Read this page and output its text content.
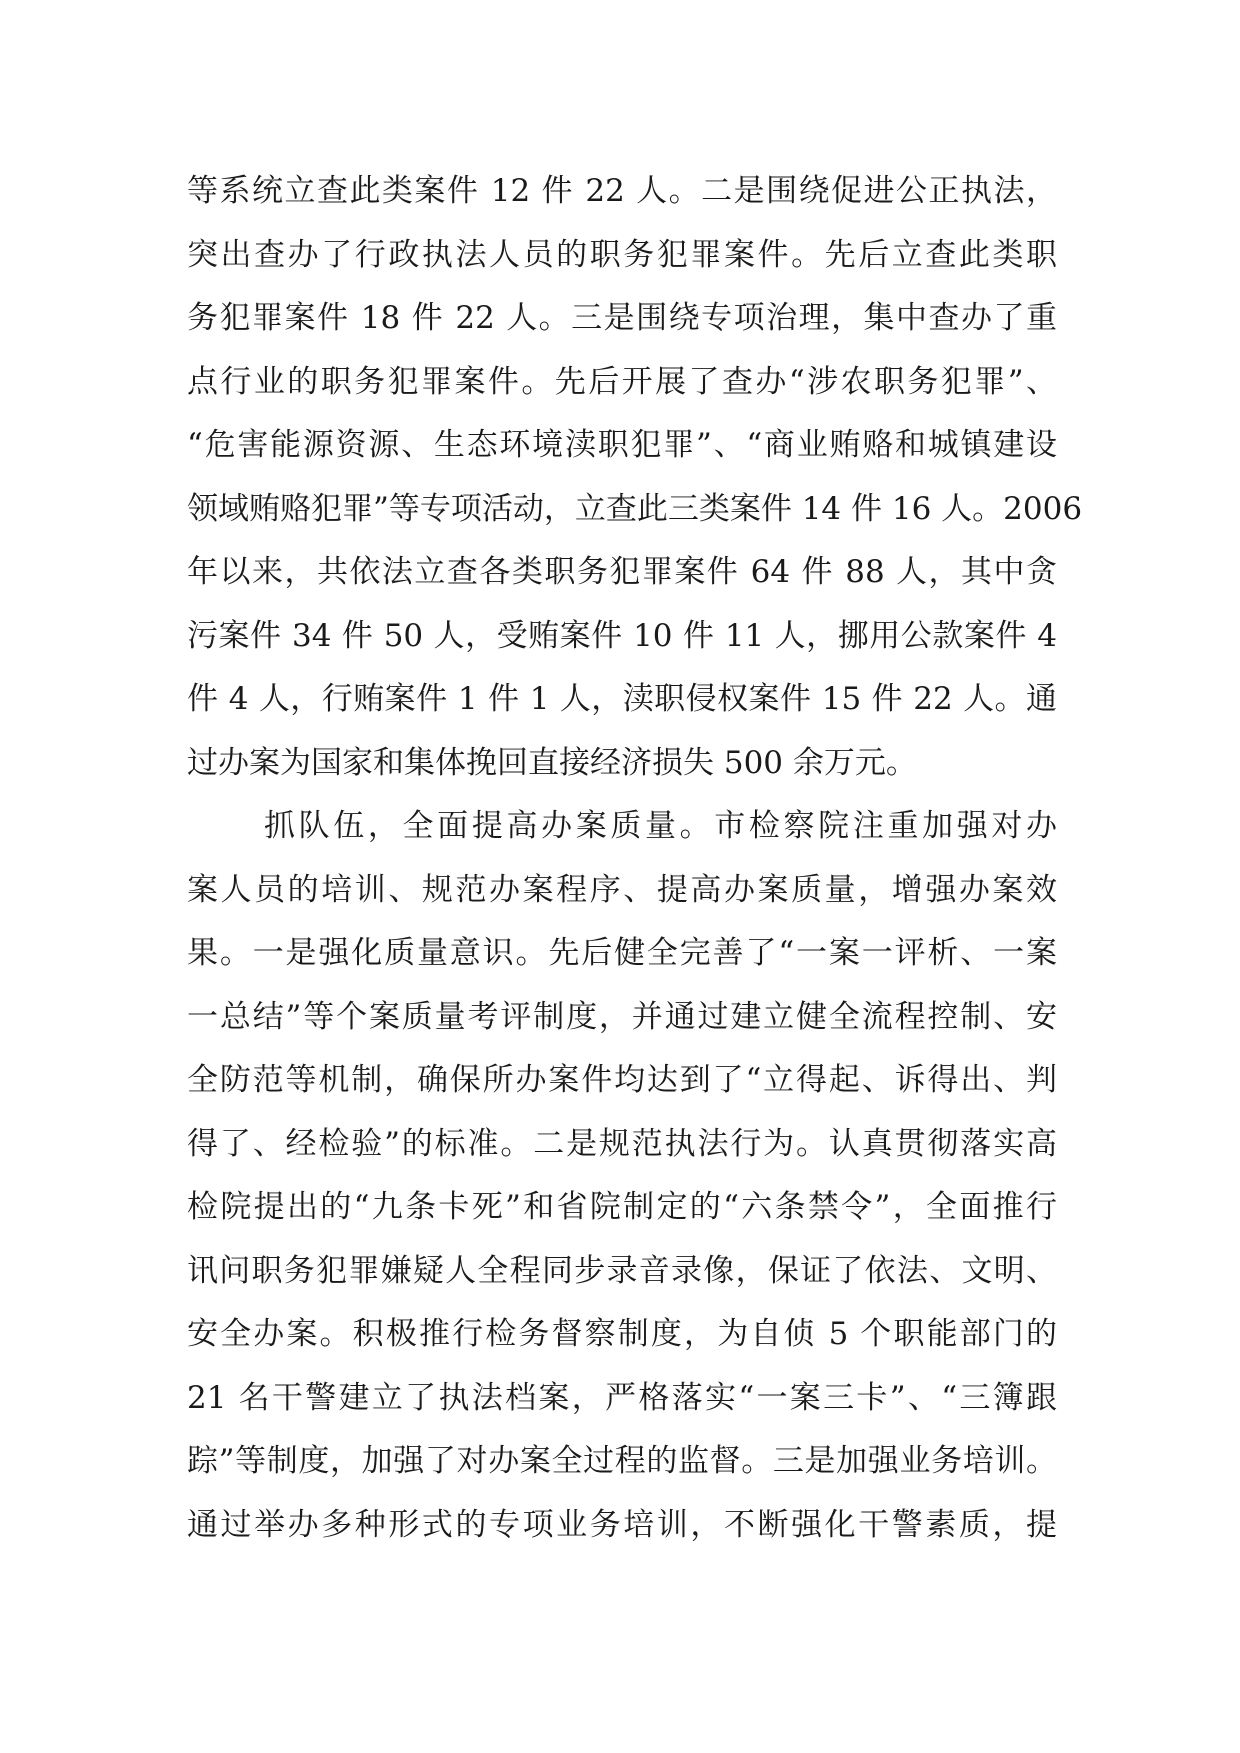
等系统立查此类案件 12 件 22 人。二是围绕促进公正执法，
突出查办了行政执法人员的职务犯罪案件。先后立查此类职
务犯罪案件 18 件 22 人。三是围绕专项治理，集中查办了重
点行业的职务犯罪案件。先后开展了查办“涉农职务犯罪”、
“危害能源资源、生态环境渎职犯罪”、“商业贿赂和城镇建设
领域贿赂犯罪”等专项活动，立查此三类案件 14 件 16 人。2006
年以来，共依法立查各类职务犯罪案件 64 件 88 人，其中贪
污案件 34 件 50 人，受贿案件 10 件 11 人，挪用公款案件 4
件 4 人，行贿案件 1 件 1 人，渎职侵权案件 15 件 22 人。通
过办案为国家和集体挽回直接经济损失 500 余万元。
抓队伍，全面提高办案质量。市检察院注重加强对办
案人员的培训、规范办案程序、提高办案质量，增强办案效
果。一是强化质量意识。先后健全完善了“一案一评析、一案
一总结”等个案质量考评制度，并通过建立健全流程控制、安
全防范等机制，确保所办案件均达到了“立得起、诉得出、判
得了、经检验”的标准。二是规范执法行为。认真贯彻落实高
检院提出的“九条卡死”和省院制定的“六条禁令”，全面推行
讯问职务犯罪嫌疑人全程同步录音录像，保证了依法、文明、
安全办案。积极推行检务督察制度，为自侦 5 个职能部门的
21 名干警建立了执法档案，严格落实“一案三卡”、“三簿跟
踪”等制度，加强了对办案全过程的监督。三是加强业务培训。
通过举办多种形式的专项业务培训，不断强化干警素质，提
